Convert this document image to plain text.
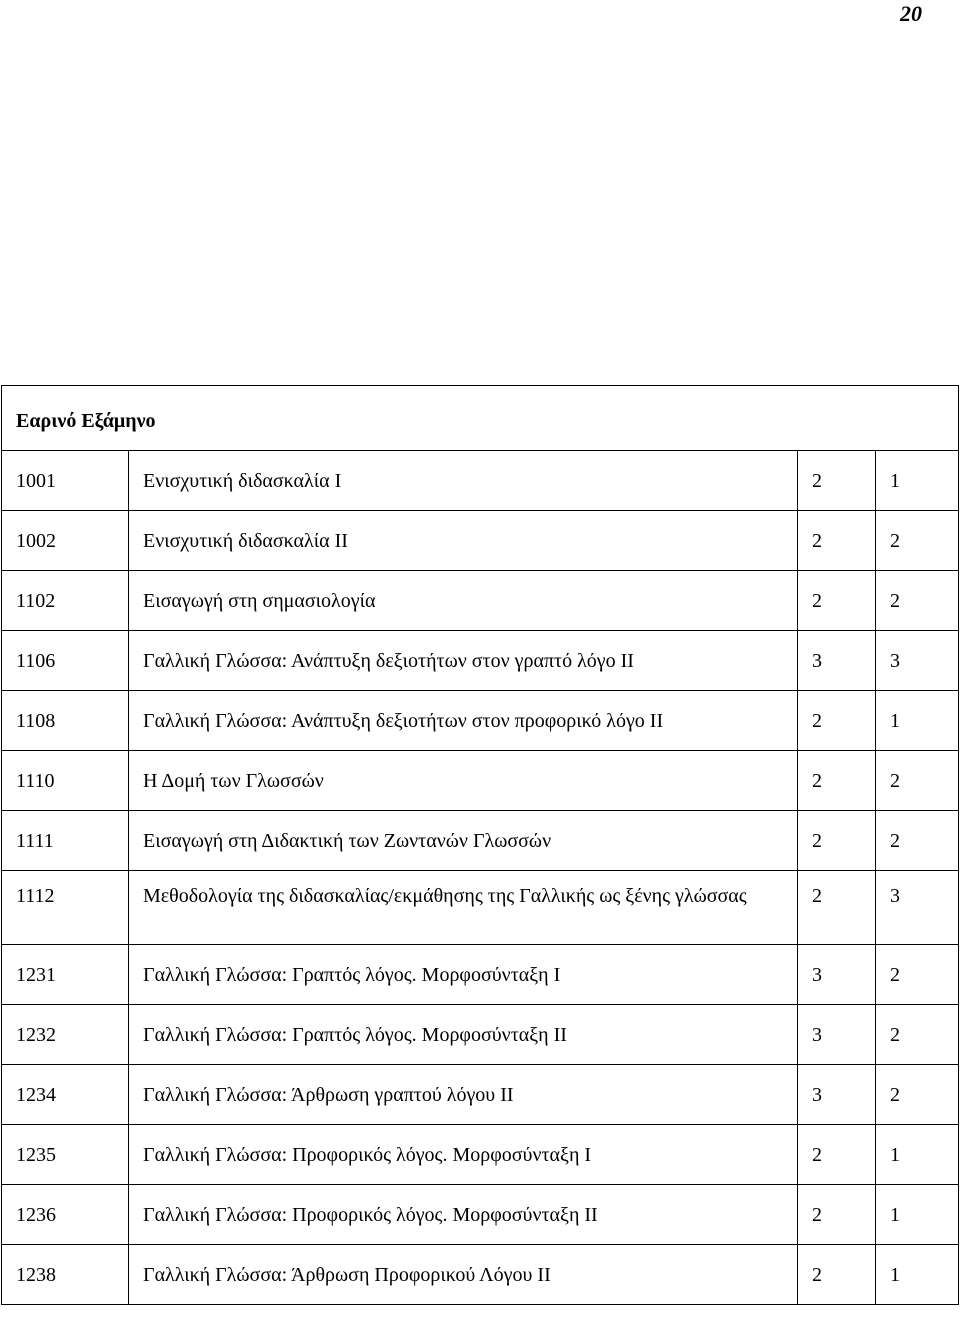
20
Εαρινό Εξάμηνο			
1001	Ενισχυτική διδασκαλία Ι	2	1
1002	Ενισχυτική διδασκαλία ΙΙ	2	2
1102	Εισαγωγή στη σημασιολογία	2	2
1106	Γαλλική Γλώσσα: Ανάπτυξη δεξιοτήτων στον γραπτό λόγο ΙΙ	3	3
1108	Γαλλική Γλώσσα: Ανάπτυξη δεξιοτήτων στον προφορικό λόγο ΙΙ	2	1
1110	Η Δομή των Γλωσσών	2	2
1111	Εισαγωγή στη Διδακτική των Ζωντανών Γλωσσών	2	2
1112	Μεθοδολογία της διδασκαλίας/εκμάθησης της Γαλλικής ως ξένης γλώσσας	2	3
1231	Γαλλική Γλώσσα: Γραπτός λόγος. Μορφοσύνταξη Ι	3	2
1232	Γαλλική Γλώσσα: Γραπτός λόγος. Μορφοσύνταξη ΙΙ	3	2
1234	Γαλλική Γλώσσα: Άρθρωση γραπτού λόγου ΙΙ	3	2
1235	Γαλλική Γλώσσα: Προφορικός λόγος. Μορφοσύνταξη Ι	2	1
1236	Γαλλική Γλώσσα: Προφορικός λόγος. Μορφοσύνταξη ΙΙ	2	1
1238	Γαλλική Γλώσσα: Άρθρωση Προφορικού Λόγου ΙΙ	2	1
